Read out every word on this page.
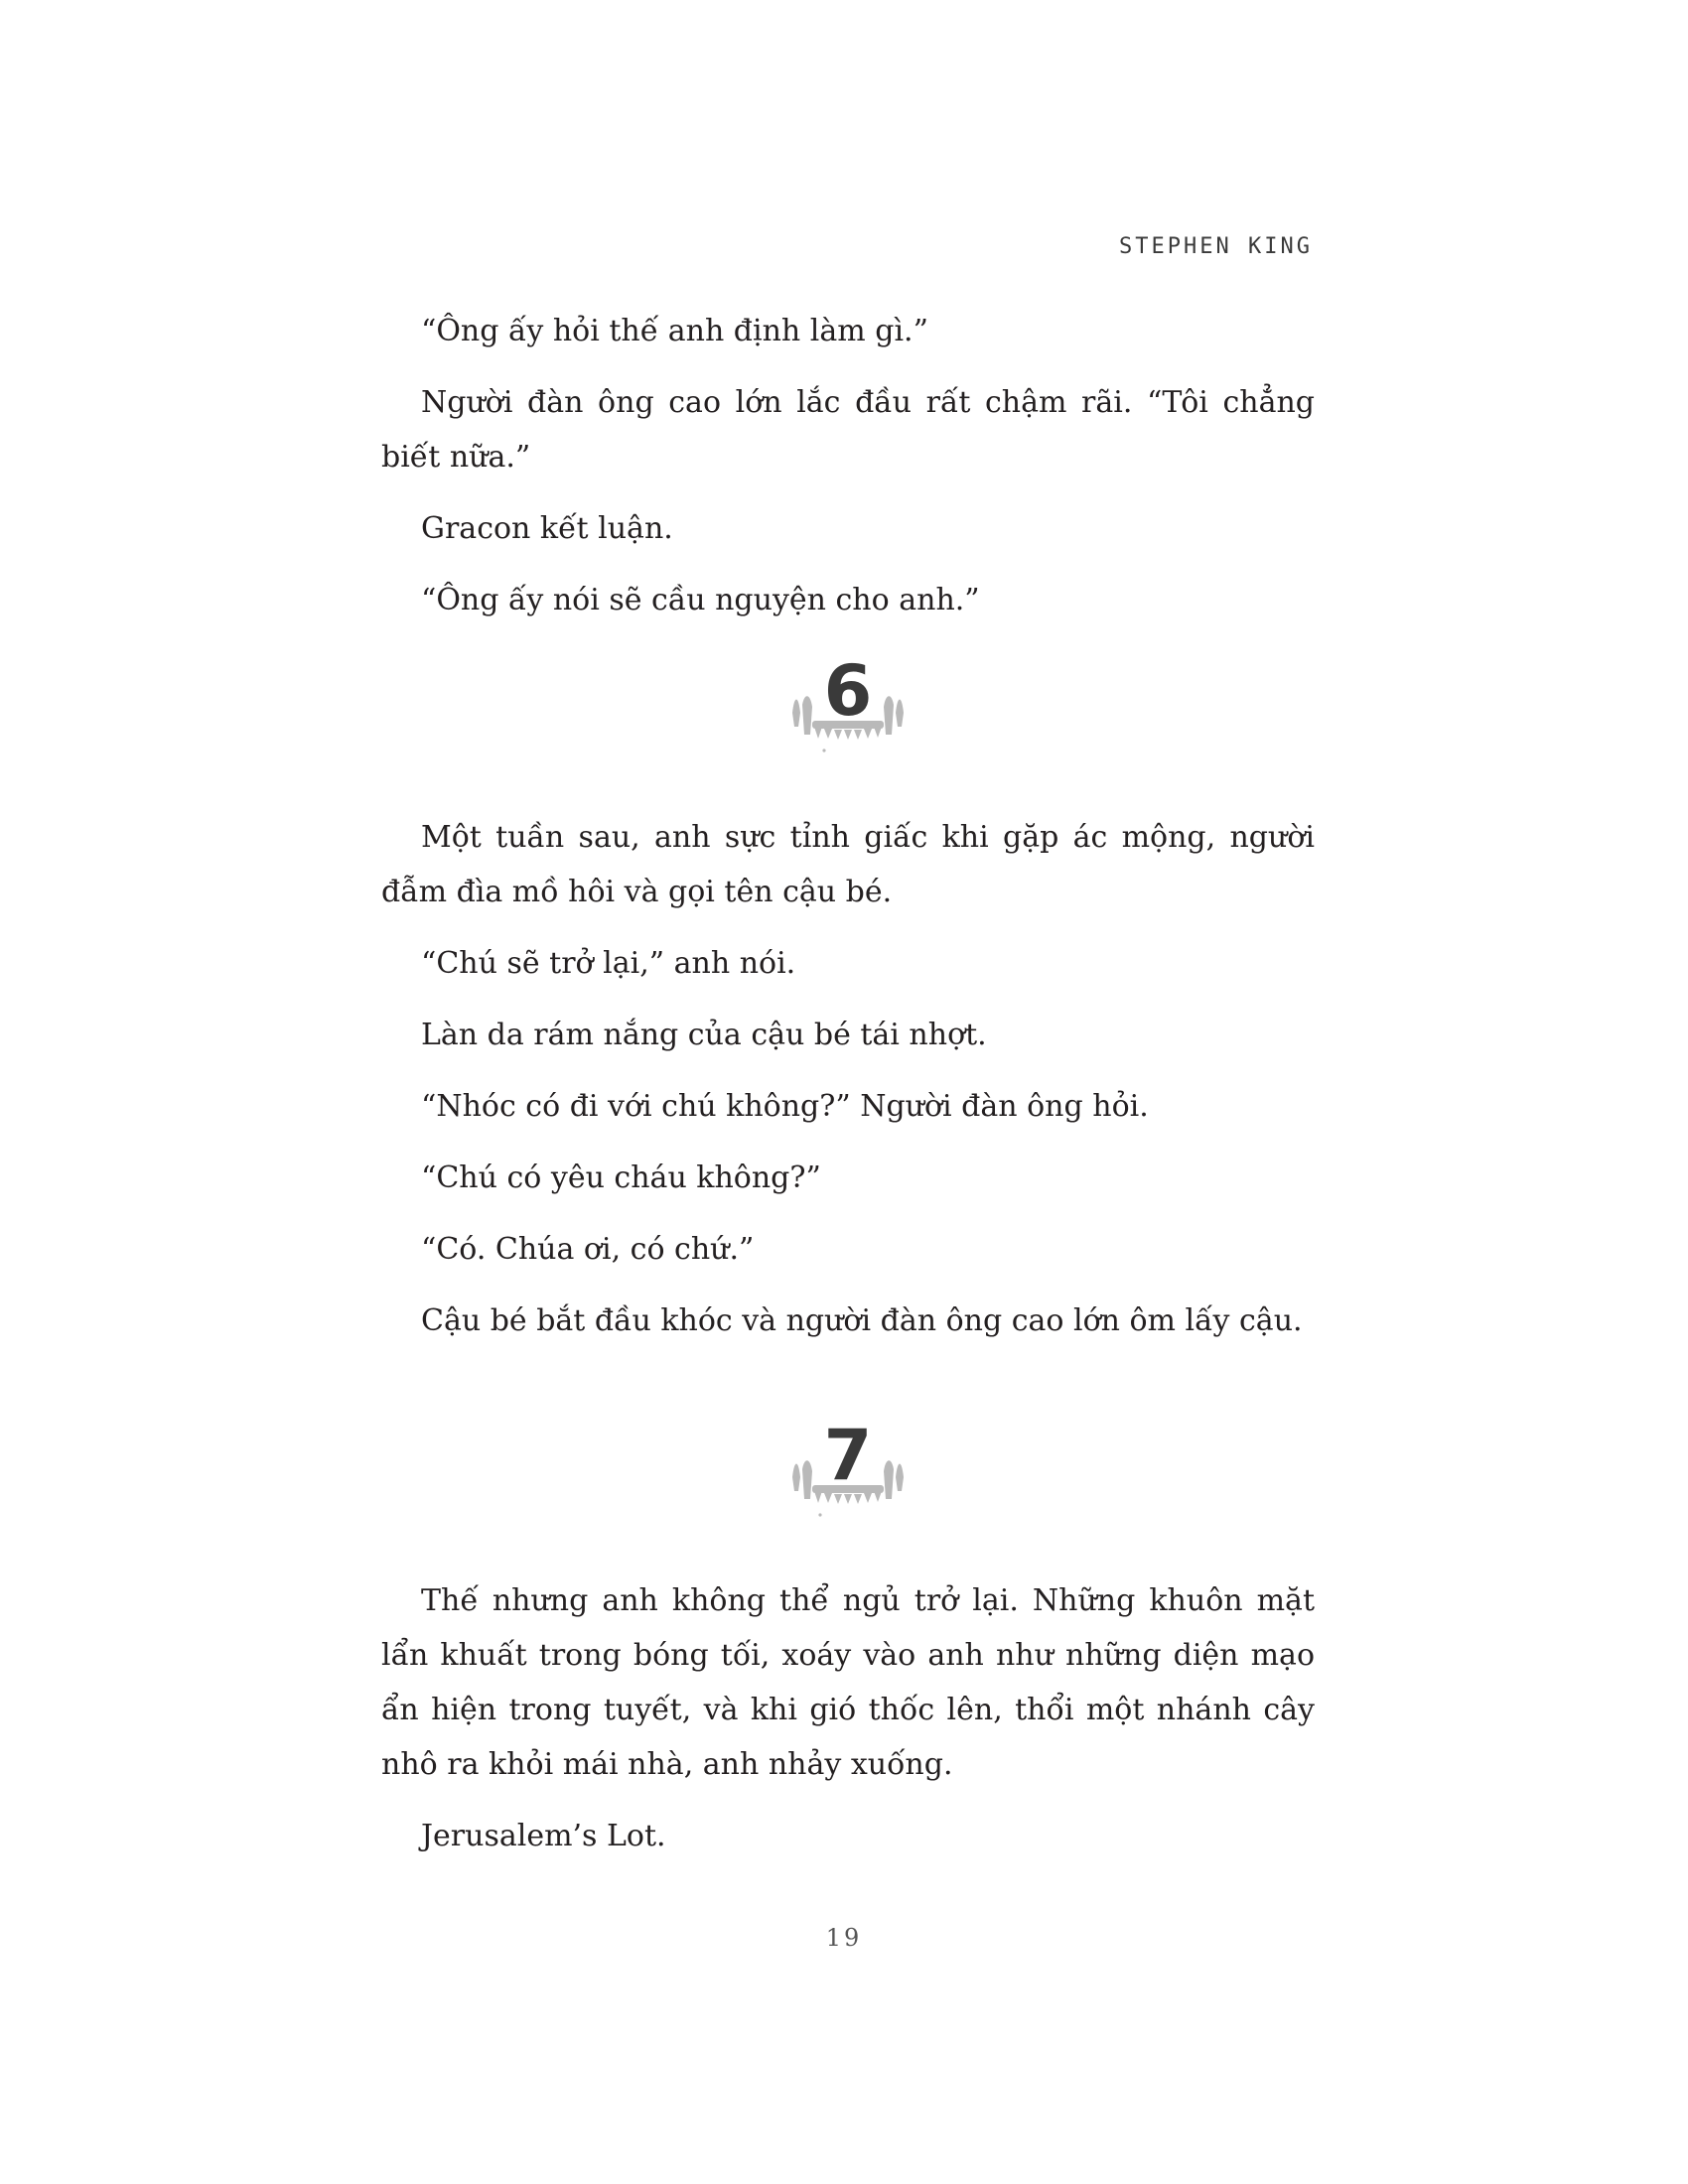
STEPHEN KING

“Ông ấy hỏi thế anh định làm gì.”

Người đàn ông cao lớn lắc đầu rất chậm rãi. “Tôi chẳng biết nữa.”

Gracon kết luận.

“Ông ấy nói sẽ cầu nguyện cho anh.”

6

Một tuần sau, anh sực tỉnh giấc khi gặp ác mộng, người đẫm đìa mồ hôi và gọi tên cậu bé.

“Chú sẽ trở lại,” anh nói.

Làn da rám nắng của cậu bé tái nhợt.

“Nhóc có đi với chú không?” Người đàn ông hỏi.

“Chú có yêu cháu không?”

“Có. Chúa ơi, có chứ.”

Cậu bé bắt đầu khóc và người đàn ông cao lớn ôm lấy cậu.

7

Thế nhưng anh không thể ngủ trở lại. Những khuôn mặt lẩn khuất trong bóng tối, xoáy vào anh như những diện mạo ẩn hiện trong tuyết, và khi gió thốc lên, thổi một nhánh cây nhô ra khỏi mái nhà, anh nhảy xuống.

Jerusalem’s Lot.

19
